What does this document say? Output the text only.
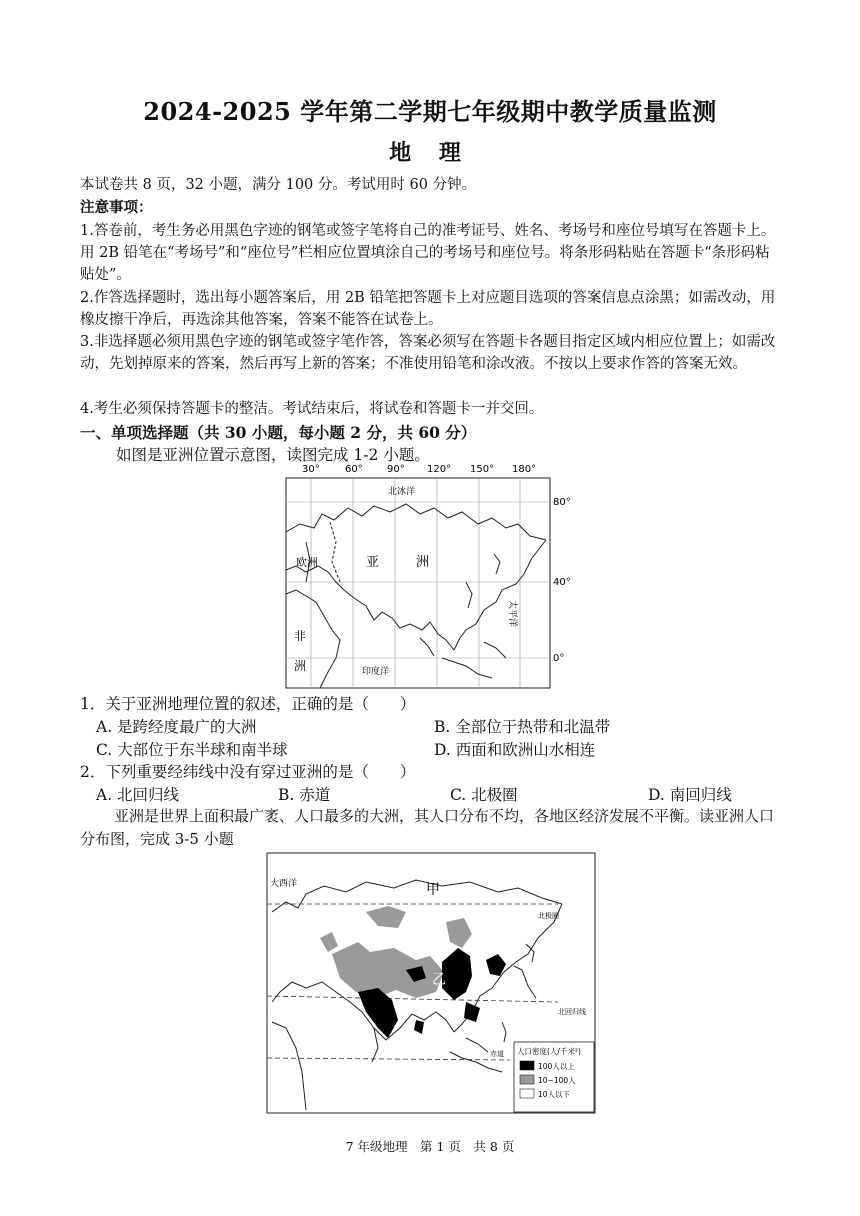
2024-2025 学年第二学期七年级期中教学质量监测
地 理
本试卷共 8 页，32 小题，满分 100 分。考试用时 60 分钟。
注意事项：
1.答卷前，考生务必用黑色字迹的钢笔或签字笔将自己的准考证号、姓名、考场号和座位号填写在答题卡上。用 2B 铅笔在“考场号”和“座位号”栏相应位置填涂自己的考场号和座位号。将条形码粘贴在答题卡“条形码粘贴处”。
2.作答选择题时，选出每小题答案后，用 2B 铅笔把答题卡上对应题目选项的答案信息点涂黑；如需改动，用橡皮擦干净后，再选涂其他答案，答案不能答在试卷上。
3.非选择题必须用黑色字迹的钢笔或签字笔作答，答案必须写在答题卡各题目指定区域内相应位置上；如需改动，先划掉原来的答案，然后再写上新的答案；不准使用铅笔和涂改液。不按以上要求作答的答案无效。
4.考生必须保持答题卡的整洁。考试结束后，将试卷和答题卡一并交回。
一、单项选择题（共 30 小题，每小题 2 分，共 60 分）
如图是亚洲位置示意图，读图完成 1-2 小题。
30°	60° 90° 120° 150° 180°
80°
40°
0°
北冰洋
欧洲	亚	洲
非
洲	印度洋
太平洋
1．关于亚洲地理位置的叙述，正确的是（　　）
A. 是跨经度最广的大洲	B. 全部位于热带和北温带
C. 大部位于东半球和南半球	D. 西面和欧洲山水相连
2．下列重要经纬线中没有穿过亚洲的是（　　）
A. 北回归线	B. 赤道	C. 北极圈	D. 南回归线
亚洲是世界上面积最广袤、人口最多的大洲，其人口分布不均，各地区经济发展不平衡。读亚洲人口分布图，完成 3-5 小题
大西洋	甲
乙
北极圈
北回归线
赤道 人口密度(人/千米²)
100人以上
10~100人
10人以下
7 年级地理　第 1 页　共 8 页
